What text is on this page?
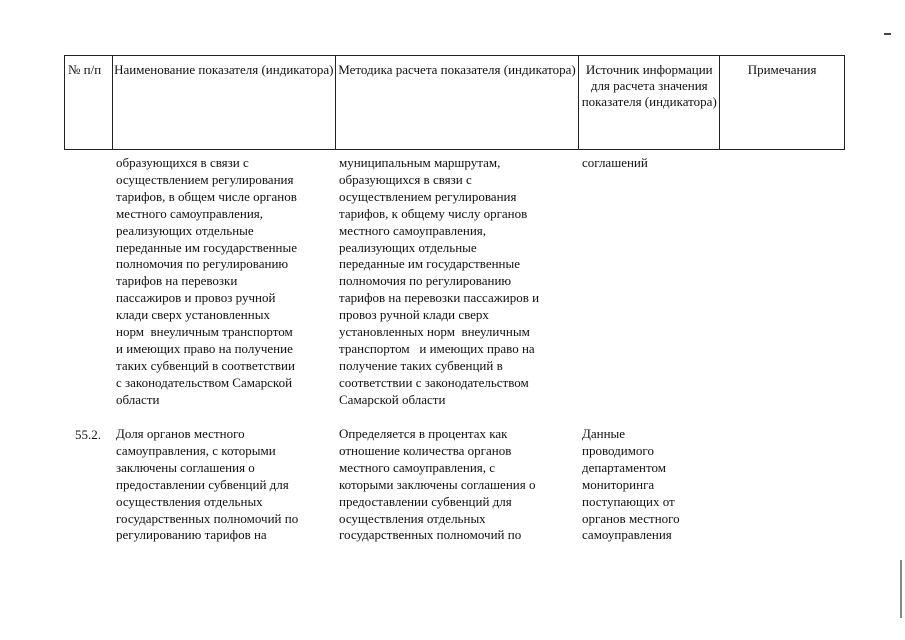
№ п/п Наименование показателя (индикатора) Методика расчета показателя (индикатора) Источник информации для расчета значения показателя (индикатора)
Примечания
образующихся в связи с
осуществлением регулирования
тарифов, в общем числе органов
местного самоуправления,
реализующих отдельные
переданные им государственные
полномочия по регулированию
тарифов на перевозки
пассажиров и провоз ручной
клади сверх установленных
норм  внеуличным транспортом
и имеющих право на получение
таких субвенций в соответствии
с законодательством Самарской
области
муниципальным маршрутам,
образующихся в связи с
осуществлением регулирования
тарифов, к общему числу органов
местного самоуправления,
реализующих отдельные
переданные им государственные
полномочия по регулированию
тарифов на перевозки пассажиров и
провоз ручной клади сверх
установленных норм  внеуличным
транспортом   и имеющих право на
получение таких субвенций в
соответствии с законодательством
Самарской области
соглашений
55.2. Доля органов местного
самоуправления, с которыми
заключены соглашения о
предоставлении субвенций для
осуществления отдельных
государственных полномочий по
регулированию тарифов на
Определяется в процентах как
отношение количества органов
местного самоуправления, с
которыми заключены соглашения о
предоставлении субвенций для
осуществления отдельных
государственных полномочий по
Данные
проводимого
департаментом
мониторинга
поступающих от
органов местного
самоуправления
